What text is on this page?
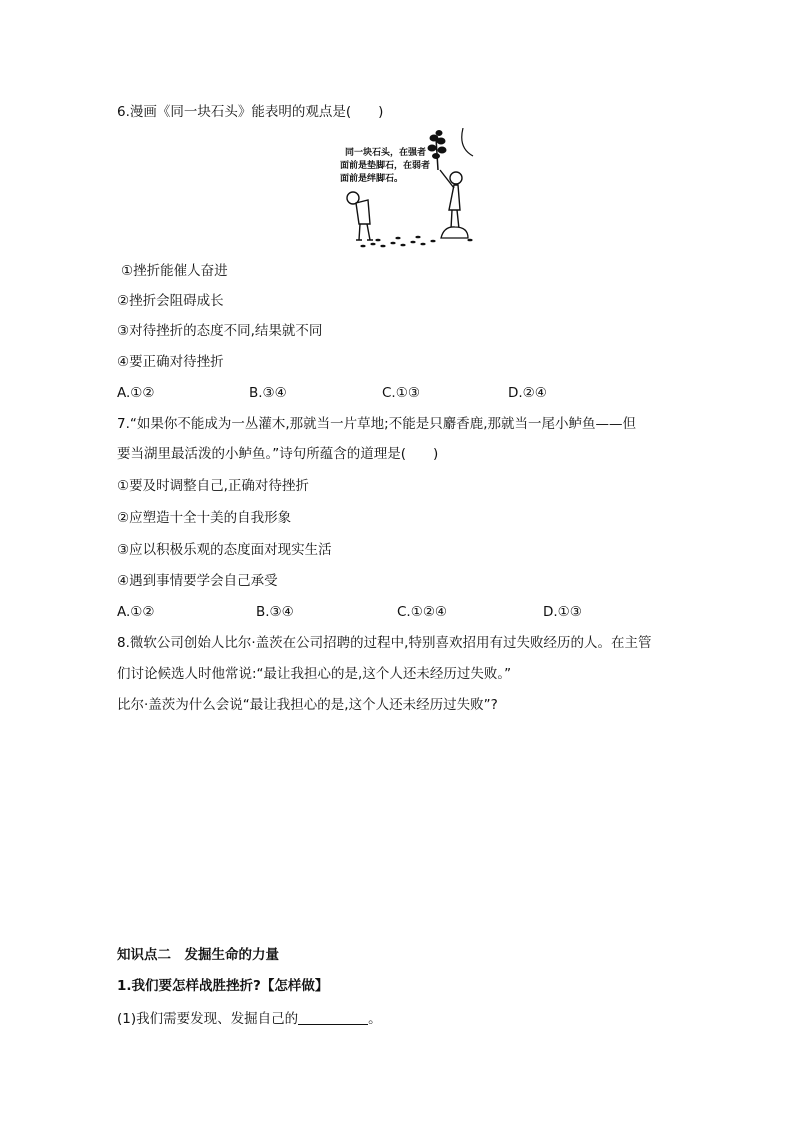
6.漫画《同一块石头》能表明的观点是(　　)
同一块石头，在强者
面前是垫脚石，在弱者
面前是绊脚石。
①挫折能催人奋进
②挫折会阻碍成长
③对待挫折的态度不同,结果就不同
④要正确对待挫折
A.①②	B.③④	C.①③	D.②④
7.“如果你不能成为一丛灌木,那就当一片草地;不能是只麝香鹿,那就当一尾小鲈鱼——但
要当湖里最活泼的小鲈鱼。”诗句所蕴含的道理是(　　)
①要及时调整自己,正确对待挫折
②应塑造十全十美的自我形象
③应以积极乐观的态度面对现实生活
④遇到事情要学会自己承受
A.①②	B.③④	C.①②④	D.①③
8.微软公司创始人比尔·盖茨在公司招聘的过程中,特别喜欢招用有过失败经历的人。在主管
们讨论候选人时他常说:“最让我担心的是,这个人还未经历过失败。”
比尔·盖茨为什么会说“最让我担心的是,这个人还未经历过失败”?
知识点二　发掘生命的力量
1.我们要怎样战胜挫折?【怎样做】
(1)我们需要发现、发掘自己的	。
